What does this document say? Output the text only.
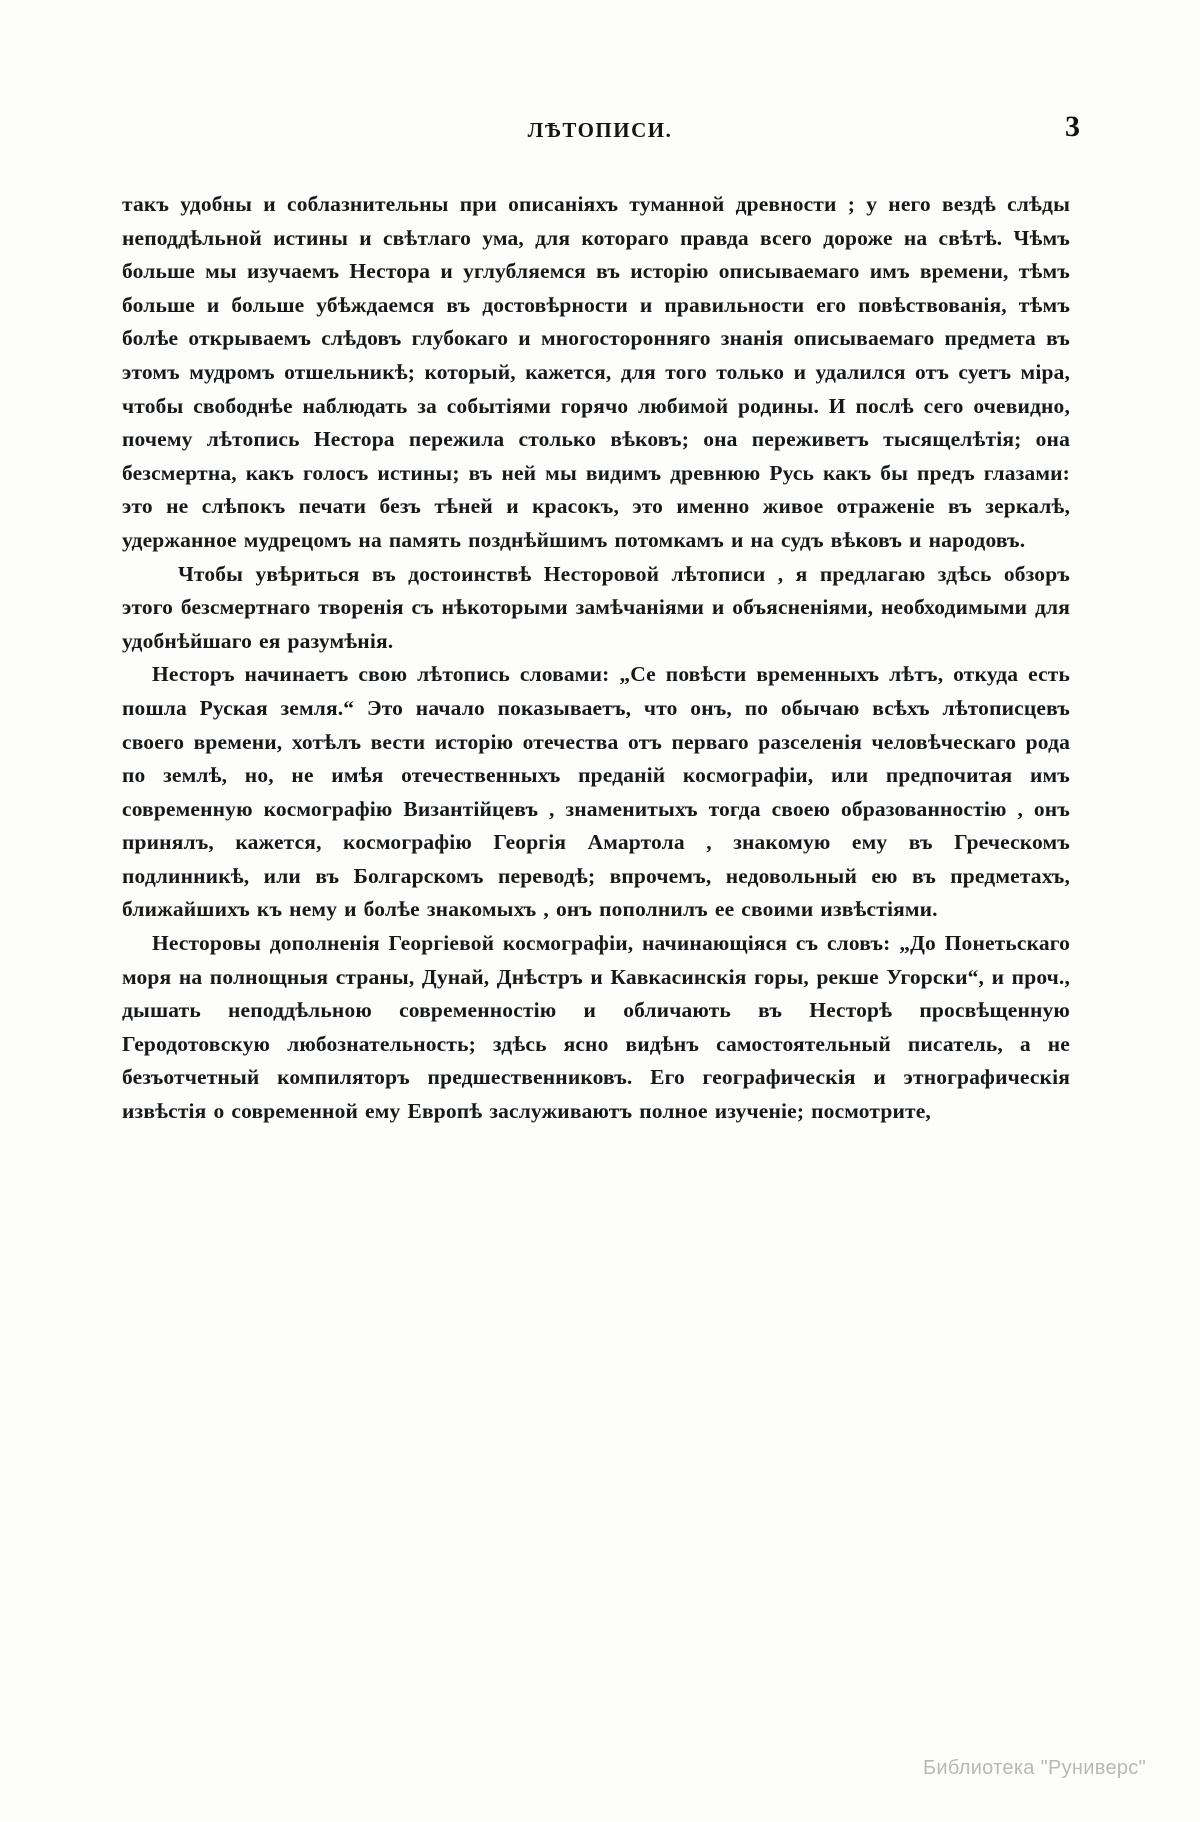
ЛѢТОПИСИ.	3

такъ удобны и соблазнительны при описаніяхъ туманной древности ; у него вездѣ слѣды неподдѣльной истины и свѣтлаго ума, для котораго правда всего дороже на свѣтѣ. Чѣмъ больше мы изучаемъ Нестора и углубляемся въ исторію описываемаго имъ времени, тѣмъ больше и больше убѣждаемся въ достовѣрности и правильности его повѣствованія, тѣмъ болѣе открываемъ слѣдовъ глубокаго и многосторонняго знанія описываемаго предмета въ этомъ мудромъ отшельникѣ; который, кажется, для того только и удалился отъ суетъ міра, чтобы свободнѣе наблюдать за событіями горячо любимой родины. И послѣ сего очевидно, почему лѣтопись Нестора пережила столько вѣковъ; она переживетъ тысящелѣтія; она безсмертна, какъ голосъ истины; въ ней мы видимъ древнюю Русь какъ бы предъ глазами: это не слѣпокъ печати безъ тѣней и красокъ, это именно живое отраженіе въ зеркалѣ, удержанное мудрецомъ на память позднѣйшимъ потомкамъ и на судъ вѣковъ и народовъ.

Чтобы увѣриться въ достоинствѣ Несторовой лѣтописи , я предлагаю здѣсь обзоръ этого безсмертнаго творенія съ нѣкоторыми замѣчаніями и объясненіями, необходимыми для удобнѣйшаго ея разумѣнія.

Несторъ начинаетъ свою лѣтопись словами: „Се повѣсти временныхъ лѣтъ, откуда есть пошла Руская земля.“ Это начало показываетъ, что онъ, по обычаю всѣхъ лѣтописцевъ своего времени, хотѣлъ вести исторію отечества отъ перваго разселенія человѣческаго рода по землѣ, но, не имѣя отечественныхъ преданій космографіи, или предпочитая имъ современную космографію Византійцевъ , знаменитыхъ тогда своею образованностію , онъ принялъ, кажется, космографію Георгія Амартола , знакомую ему въ Греческомъ подлинникѣ, или въ Болгарскомъ переводѣ; впрочемъ, недовольный ею въ предметахъ, ближайшихъ къ нему и болѣе знакомыхъ , онъ пополнилъ ее своими извѣстіями.

Несторовы дополненія Георгіевой космографіи, начинающіяся съ словъ: „До Понетьскаго моря на полнощныя страны, Дунай, Днѣстръ и Кавкасинскія горы, рекше Угорски“, и проч., дышать неподдѣльною современностію и обличають въ Несторѣ просвѣщенную Геродотовскую любознательность; здѣсь ясно видѣнъ самостоятельный писатель, а не безъотчетный компиляторъ предшественниковъ. Его географическія и этнографическія извѣстія о современной ему Европѣ заслуживаютъ полное изученіе; посмотрите,

Библиотека "Руниверс"
